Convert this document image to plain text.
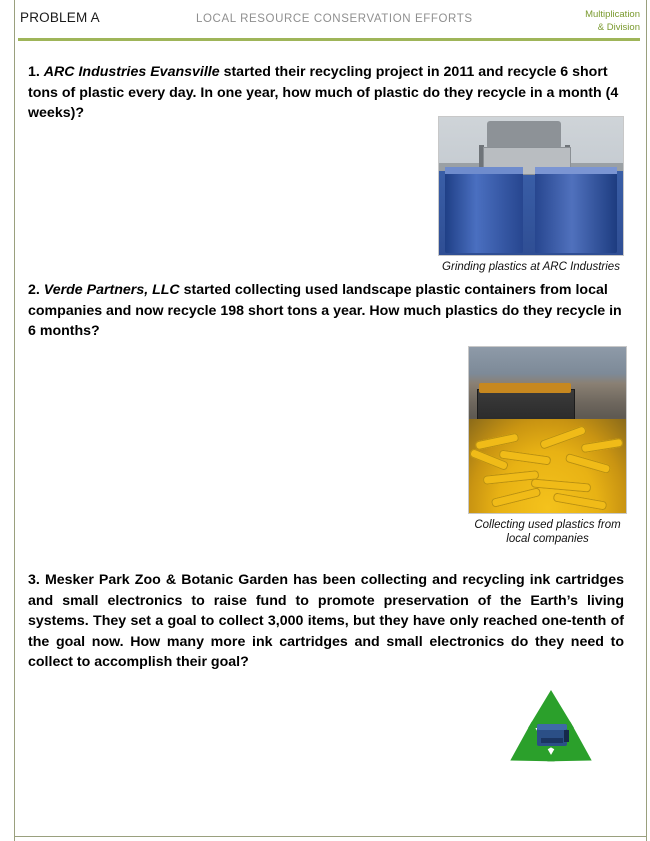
PROBLEM A	LOCAL RESOURCE CONSERVATION EFFORTS	Multiplication
& Division
1. ARC Industries Evansville started their recycling project in 2011 and recycle 6 short tons of plastic every day. In one year, how much of plastic do they recycle in a month (4 weeks)?
Grinding plastics at ARC Industries
2. Verde Partners, LLC started collecting used landscape plastic containers from local companies and now recycle 198 short tons a year. How much plastics do they recycle in 6 months?
Collecting used plastics from local companies
3. Mesker Park Zoo & Botanic Garden has been collecting and recycling ink cartridges and small electronics to raise fund to promote preservation of the Earth’s living systems. They set a goal to collect 3,000 items, but they have only reached one-tenth of the goal now. How many more ink cartridges and small electronics do they need to collect to accomplish their goal?
